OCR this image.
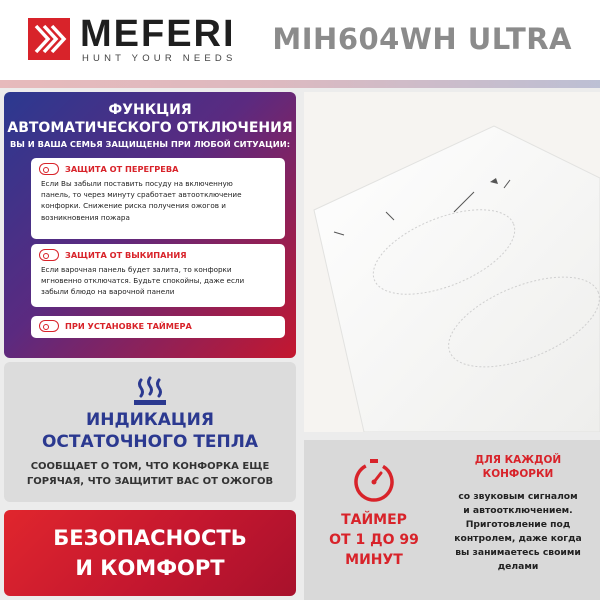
MEFERI
HUNT YOUR NEEDS
MIH604WH ULTRA
ФУНКЦИЯ
АВТОМАТИЧЕСКОГО ОТКЛЮЧЕНИЯ
ВЫ И ВАША СЕМЬЯ ЗАЩИЩЕНЫ ПРИ ЛЮБОЙ СИТУАЦИИ:
ЗАЩИТА ОТ ПЕРЕГРЕВА
Если Вы забыли поставить посуду на включенную
панель, то через минуту сработает автоотключение
конфорки. Снижение риска получения ожогов и
возникновения пожара
ЗАЩИТА ОТ ВЫКИПАНИЯ
Если варочная панель будет залита, то конфорки
мгновенно отключатся. Будьте спокойны, даже если
забыли блюдо на варочной панели
ПРИ УСТАНОВКЕ ТАЙМЕРА
ИНДИКАЦИЯ
ОСТАТОЧНОГО ТЕПЛА
СООБЩАЕТ О ТОМ, ЧТО КОНФОРКА ЕЩЕ
ГОРЯЧАЯ, ЧТО ЗАЩИТИТ ВАС ОТ ОЖОГОВ
БЕЗОПАСНОСТЬ
И КОМФОРТ
ТАЙМЕР
ОТ 1 ДО 99
МИНУТ
ДЛЯ КАЖДОЙ
КОНФОРКИ
со звуковым сигналом
и автоотключением.
Приготовление под
контролем, даже когда
вы занимаетесь своими
делами
